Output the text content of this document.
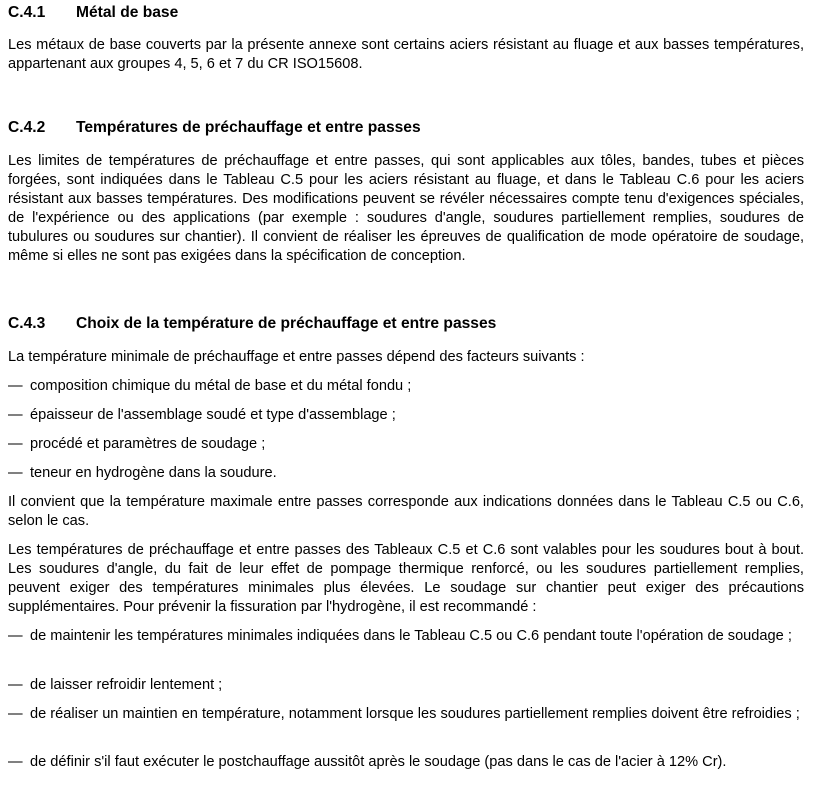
C.4.1	Métal de base

Les métaux de base couverts par la présente annexe sont certains aciers résistant au fluage et aux basses températures, appartenant aux groupes 4, 5, 6 et 7 du CR ISO15608.

C.4.2	Températures de préchauffage et entre passes

Les limites de températures de préchauffage et entre passes, qui sont applicables aux tôles, bandes, tubes et pièces forgées, sont indiquées dans le Tableau C.5 pour les aciers résistant au fluage, et dans le Tableau C.6 pour les aciers résistant aux basses températures. Des modifications peuvent se révéler nécessaires compte tenu d'exigences spéciales, de l'expérience ou des applications (par exemple : soudures d'angle, soudures partiellement remplies, soudures de tubulures ou soudures sur chantier). Il convient de réaliser les épreuves de qualification de mode opératoire de soudage, même si elles ne sont pas exigées dans la spécification de conception.

C.4.3	Choix de la température de préchauffage et entre passes

La température minimale de préchauffage et entre passes dépend des facteurs suivants :

— composition chimique du métal de base et du métal fondu ;
— épaisseur de l'assemblage soudé et type d'assemblage ;
— procédé et paramètres de soudage ;
— teneur en hydrogène dans la soudure.

Il convient que la température maximale entre passes corresponde aux indications données dans le Tableau C.5 ou C.6, selon le cas.

Les températures de préchauffage et entre passes des Tableaux C.5 et C.6 sont valables pour les soudures bout à bout. Les soudures d'angle, du fait de leur effet de pompage thermique renforcé, ou les soudures partiellement remplies, peuvent exiger des températures minimales plus élevées. Le soudage sur chantier peut exiger des précautions supplémentaires. Pour prévenir la fissuration par l'hydrogène, il est recommandé :

— de maintenir les températures minimales indiquées dans le Tableau C.5 ou C.6 pendant toute l'opération de soudage ;
— de laisser refroidir lentement ;
— de réaliser un maintien en température, notamment lorsque les soudures partiellement remplies doivent être refroidies ;
— de définir s'il faut exécuter le postchauffage aussitôt après le soudage (pas dans le cas de l'acier à 12% Cr).
